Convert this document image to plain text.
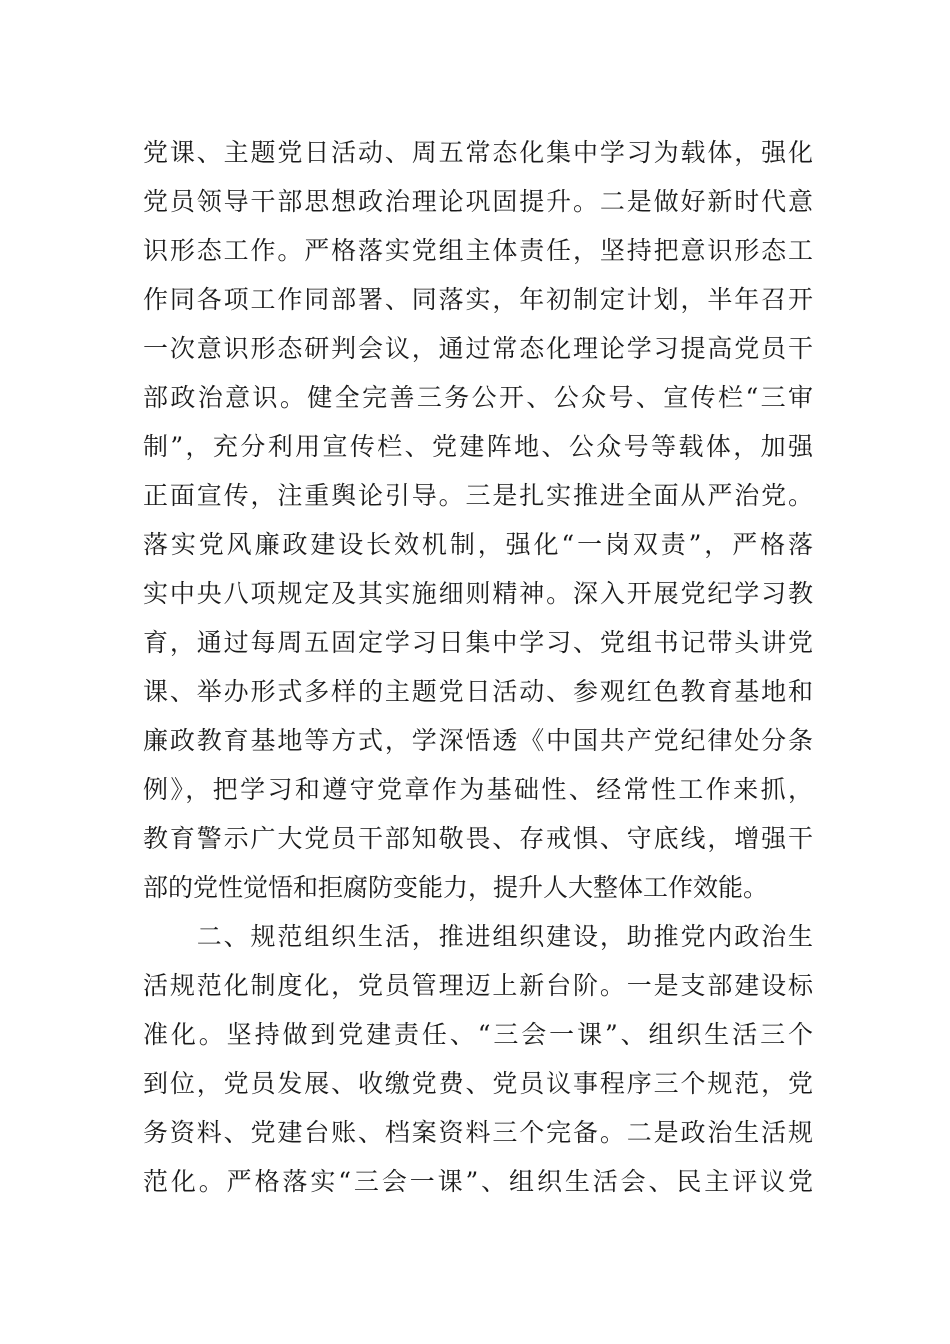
党课、主题党日活动、周五常态化集中学习为载体，强化
党员领导干部思想政治理论巩固提升。二是做好新时代意
识形态工作。严格落实党组主体责任，坚持把意识形态工
作同各项工作同部署、同落实，年初制定计划，半年召开
一次意识形态研判会议，通过常态化理论学习提高党员干
部政治意识。健全完善三务公开、公众号、宣传栏“三审
制”，充分利用宣传栏、党建阵地、公众号等载体，加强
正面宣传，注重舆论引导。三是扎实推进全面从严治党。
落实党风廉政建设长效机制，强化“一岗双责”，严格落
实中央八项规定及其实施细则精神。深入开展党纪学习教
育，通过每周五固定学习日集中学习、党组书记带头讲党
课、举办形式多样的主题党日活动、参观红色教育基地和
廉政教育基地等方式，学深悟透《中国共产党纪律处分条
例》，把学习和遵守党章作为基础性、经常性工作来抓，
教育警示广大党员干部知敬畏、存戒惧、守底线，增强干
部的党性觉悟和拒腐防变能力，提升人大整体工作效能。
　　二、规范组织生活，推进组织建设，助推党内政治生
活规范化制度化，党员管理迈上新台阶。一是支部建设标
准化。坚持做到党建责任、“三会一课”、组织生活三个
到位，党员发展、收缴党费、党员议事程序三个规范，党
务资料、党建台账、档案资料三个完备。二是政治生活规
范化。严格落实“三会一课”、组织生活会、民主评议党
